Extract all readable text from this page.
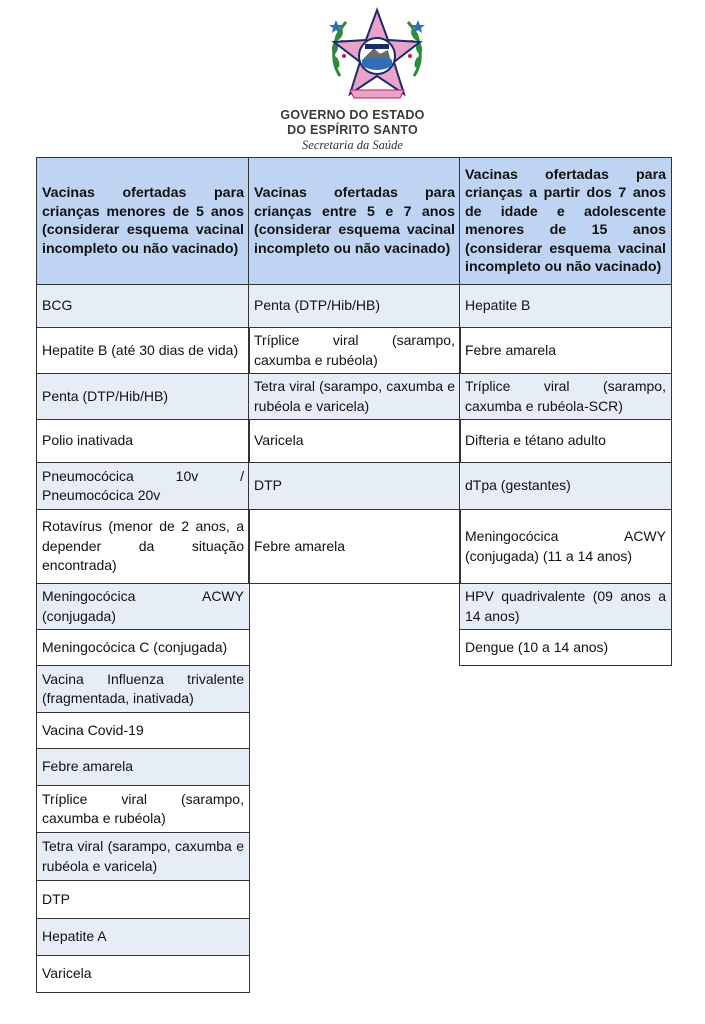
GOVERNO DO ESTADO
DO ESPÍRITO SANTO
Secretaria da Saúde
Vacinas ofertadas para crianças menores de 5 anos (considerar esquema vacinal incompleto ou não vacinado)
BCG
Hepatite B (até 30 dias de vida)
Penta (DTP/Hib/HB)
Polio inativada
Pneumocócica 10v / Pneumocócica 20v
Rotavírus (menor de 2 anos, a depender da situação encontrada)
Meningocócica ACWY (conjugada)
Meningocócica C (conjugada)
Vacina Influenza trivalente (fragmentada, inativada)
Vacina Covid-19
Febre amarela
Tríplice viral (sarampo, caxumba e rubéola)
Tetra viral (sarampo, caxumba e rubéola e varicela)
DTP
Hepatite A
Varicela
Vacinas ofertadas para crianças entre 5 e 7 anos (considerar esquema vacinal incompleto ou não vacinado)
Penta (DTP/Hib/HB)
Tríplice viral (sarampo, caxumba e rubéola)
Tetra viral (sarampo, caxumba e rubéola e varicela)
Varicela
DTP
Febre amarela
Vacinas ofertadas para crianças a partir dos 7 anos de idade e adolescente menores de 15 anos (considerar esquema vacinal incompleto ou não vacinado)
Hepatite B
Febre amarela
Tríplice viral (sarampo, caxumba e rubéola-SCR)
Difteria e tétano adulto
dTpa (gestantes)
Meningocócica ACWY (conjugada) (11 a 14 anos)
HPV quadrivalente (09 anos a 14 anos)
Dengue (10 a 14 anos)
